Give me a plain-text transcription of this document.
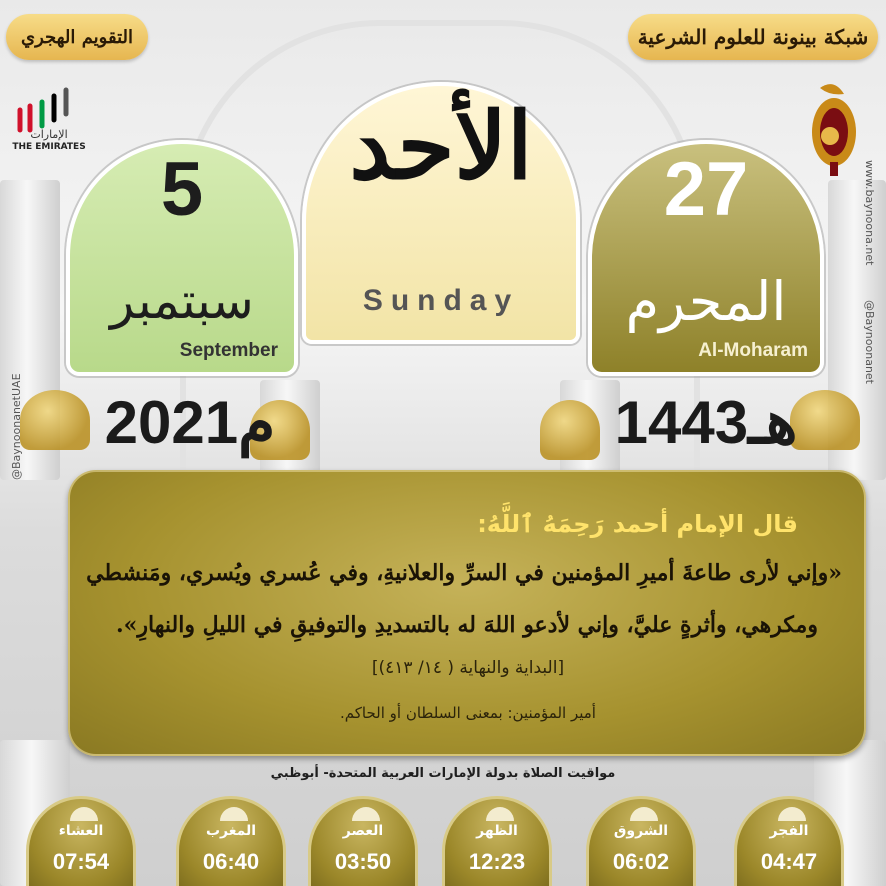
التقويم الهجري	شبكة بينونة للعلوم الشرعية
الإمارات
THE EMIRATES
www.baynoona.net
@Baynoonanet
@BaynoonanetUAE
5
سبتمبر
September
27
المحرم
Al-Moharam
الأحد
Sunday
2021م	1443هـ
قال الإمام أحمد رَحِمَهُ ٱللَّهُ:
«وإني لأرى طاعةَ أميرِ المؤمنين في السرِّ والعلانيةِ، وفي عُسري ويُسري، ومَنشطي
ومكرهي، وأثرةٍ عليَّ، وإني لأدعو اللهَ له بالتسديدِ والتوفيقِ في الليلِ والنهارِ».
[البداية والنهاية ( ١٤/ ٤١٣)]
أمير المؤمنين: بمعنى السلطان أو الحاكم.
مواقيت الصلاة بدولة الإمارات العربية المتحدة- أبوظبي
العشاء
07:54
المغرب
06:40
العصر
03:50
الظهر
12:23
الشروق
06:02
الفجر
04:47
